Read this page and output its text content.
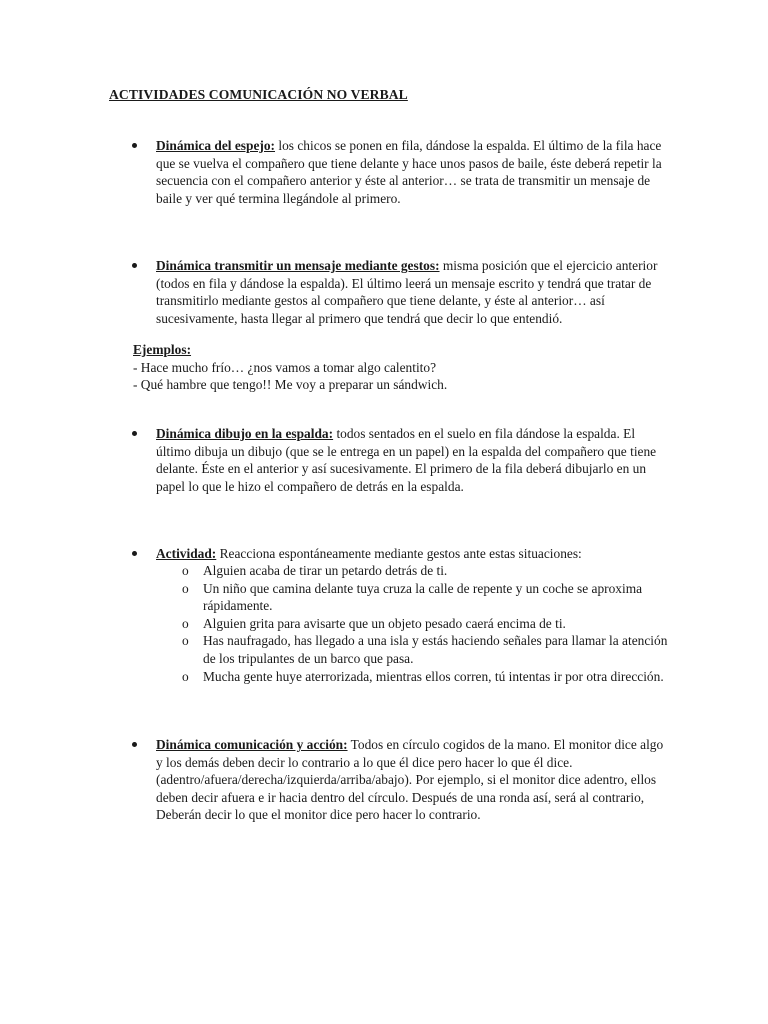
ACTIVIDADES COMUNICACIÓN NO VERBAL
Dinámica del espejo: los chicos se ponen en fila, dándose la espalda. El último de la fila hace que se vuelva el compañero que tiene delante y hace unos pasos de baile, éste deberá repetir la secuencia con el compañero anterior y éste al anterior… se trata de transmitir un mensaje de baile y ver qué termina llegándole al primero.
Dinámica transmitir un mensaje mediante gestos: misma posición que el ejercicio anterior (todos en fila y dándose la espalda). El último leerá un mensaje escrito y tendrá que tratar de transmitirlo mediante gestos al compañero que tiene delante, y éste al anterior… así sucesivamente, hasta llegar al primero que tendrá que decir lo que entendió.
Ejemplos:
- Hace mucho frío… ¿nos vamos a tomar algo calentito?
- Qué hambre que tengo!! Me voy a preparar un sándwich.
Dinámica dibujo en la espalda: todos sentados en el suelo en fila dándose la espalda. El último dibuja un dibujo (que se le entrega en un papel) en la espalda del compañero que tiene delante. Éste en el anterior y así sucesivamente. El primero de la fila deberá dibujarlo en un papel lo que le hizo el compañero de detrás en la espalda.
Actividad: Reacciona espontáneamente mediante gestos ante estas situaciones:
o Alguien acaba de tirar un petardo detrás de ti.
o Un niño que camina delante tuya cruza la calle de repente y un coche se aproxima rápidamente.
o Alguien grita para avisarte que un objeto pesado caerá encima de ti.
o Has naufragado, has llegado a una isla y estás haciendo señales para llamar la atención de los tripulantes de un barco que pasa.
o Mucha gente huye aterrorizada, mientras ellos corren, tú intentas ir por otra dirección.
Dinámica comunicación y acción: Todos en círculo cogidos de la mano. El monitor dice algo y los demás deben decir lo contrario a lo que él dice pero hacer lo que él dice. (adentro/afuera/derecha/izquierda/arriba/abajo). Por ejemplo, si el monitor dice adentro, ellos deben decir afuera e ir hacia dentro del círculo. Después de una ronda así, será al contrario, Deberán decir lo que el monitor dice pero hacer lo contrario.
